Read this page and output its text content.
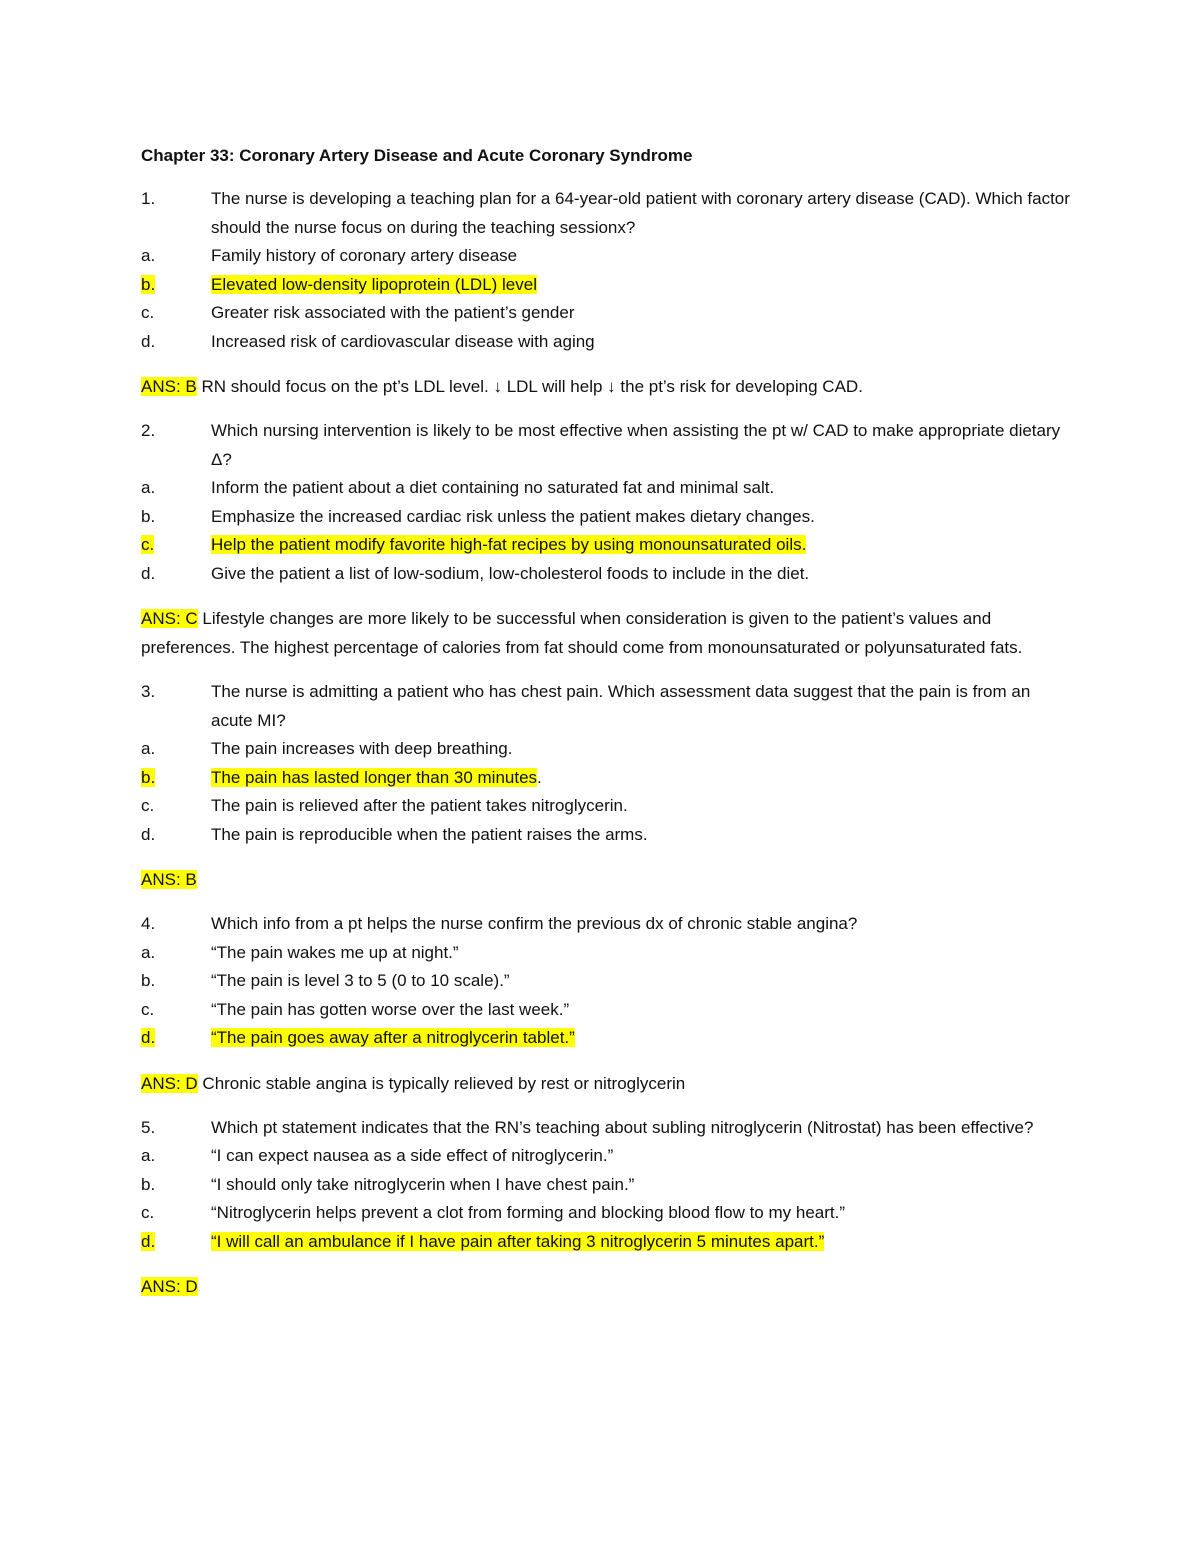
Chapter 33: Coronary Artery Disease and Acute Coronary Syndrome
1.	The nurse is developing a teaching plan for a 64-year-old patient with coronary artery disease (CAD). Which factor should the nurse focus on during the teaching sessionx?
a.	Family history of coronary artery disease
b.	Elevated low-density lipoprotein (LDL) level
c.	Greater risk associated with the patient’s gender
d.	Increased risk of cardiovascular disease with aging
ANS: B RN should focus on the pt’s LDL level. ↓ LDL will help ↓ the pt’s risk for developing CAD.
2.	Which nursing intervention is likely to be most effective when assisting the pt w/ CAD to make appropriate dietary Δ?
a.	Inform the patient about a diet containing no saturated fat and minimal salt.
b.	Emphasize the increased cardiac risk unless the patient makes dietary changes.
c.	Help the patient modify favorite high-fat recipes by using monounsaturated oils.
d.	Give the patient a list of low-sodium, low-cholesterol foods to include in the diet.
ANS: C Lifestyle changes are more likely to be successful when consideration is given to the patient’s values and preferences. The highest percentage of calories from fat should come from monounsaturated or polyunsaturated fats.
3.	The nurse is admitting a patient who has chest pain. Which assessment data suggest that the pain is from an acute MI?
a.	The pain increases with deep breathing.
b.	The pain has lasted longer than 30 minutes.
c.	The pain is relieved after the patient takes nitroglycerin.
d.	The pain is reproducible when the patient raises the arms.
ANS: B
4.	Which info from a pt helps the nurse confirm the previous dx of chronic stable angina?
a.	“The pain wakes me up at night.”
b.	“The pain is level 3 to 5 (0 to 10 scale).”
c.	“The pain has gotten worse over the last week.”
d.	“The pain goes away after a nitroglycerin tablet.”
ANS: D Chronic stable angina is typically relieved by rest or nitroglycerin
5.	Which pt statement indicates that the RN’s teaching about subling nitroglycerin (Nitrostat) has been effective?
a.	“I can expect nausea as a side effect of nitroglycerin.”
b.	“I should only take nitroglycerin when I have chest pain.”
c.	“Nitroglycerin helps prevent a clot from forming and blocking blood flow to my heart.”
d.	“I will call an ambulance if I have pain after taking 3 nitroglycerin 5 minutes apart.”
ANS: D
